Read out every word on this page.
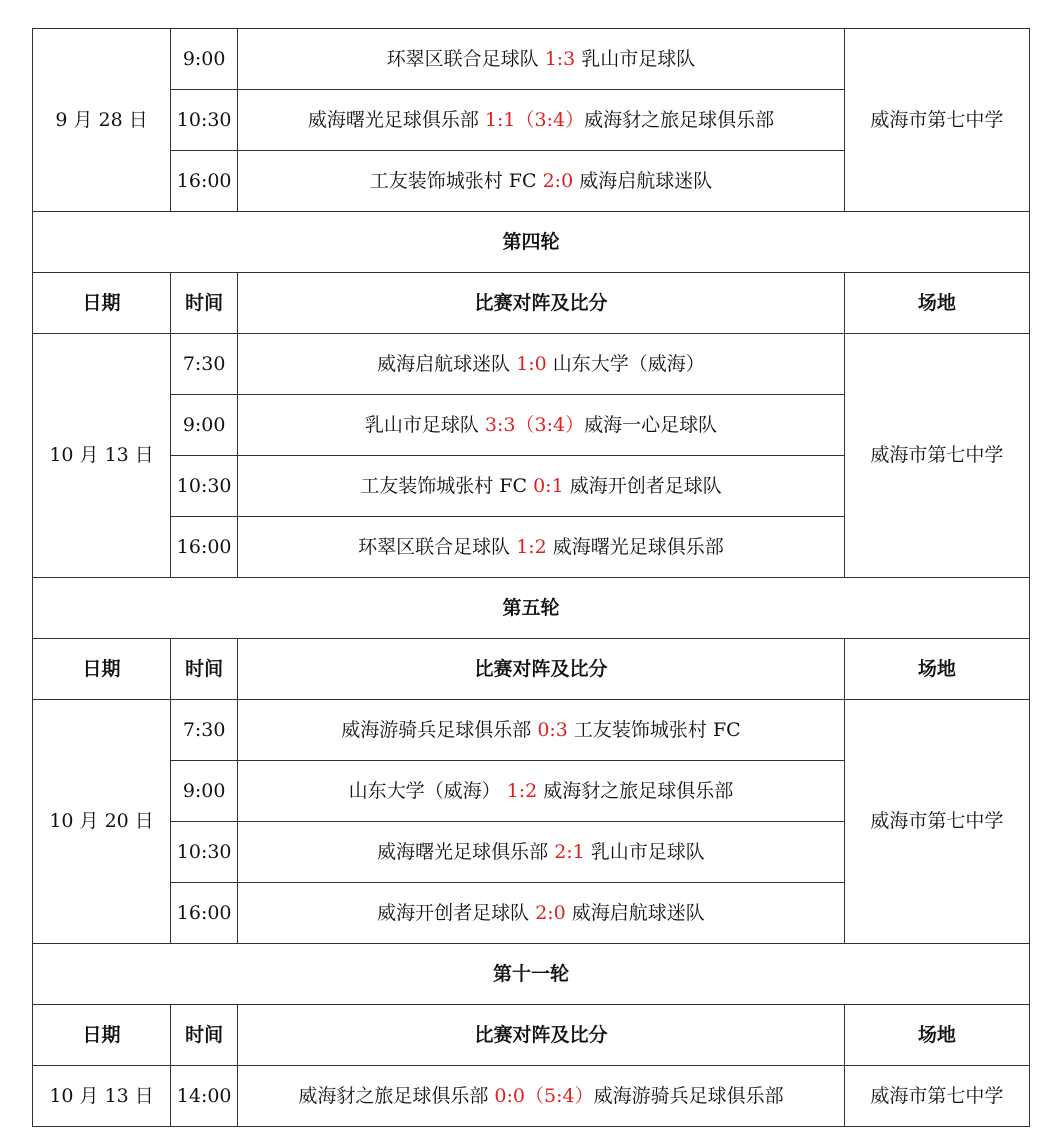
9 月 28 日	9:00	环翠区联合足球队 1:3 乳山市足球队	威海市第七中学
	10:30	威海曙光足球俱乐部 1:1（3:4）威海豺之旅足球俱乐部	
	16:00	工友装饰城张村 FC 2:0 威海启航球迷队	
第四轮			
日期	时间	比赛对阵及比分	场地
10 月 13 日	7:30	威海启航球迷队 1:0 山东大学（威海）	威海市第七中学
	9:00	乳山市足球队 3:3（3:4）威海一心足球队	
	10:30	工友装饰城张村 FC 0:1 威海开创者足球队	
	16:00	环翠区联合足球队 1:2 威海曙光足球俱乐部	
第五轮			
日期	时间	比赛对阵及比分	场地
10 月 20 日	7:30	威海游骑兵足球俱乐部 0:3 工友装饰城张村 FC	威海市第七中学
	9:00	山东大学（威海） 1:2 威海豺之旅足球俱乐部	
	10:30	威海曙光足球俱乐部 2:1 乳山市足球队	
	16:00	威海开创者足球队 2:0 威海启航球迷队	
第十一轮			
日期	时间	比赛对阵及比分	场地
10 月 13 日	14:00	威海豺之旅足球俱乐部 0:0（5:4）威海游骑兵足球俱乐部	威海市第七中学
